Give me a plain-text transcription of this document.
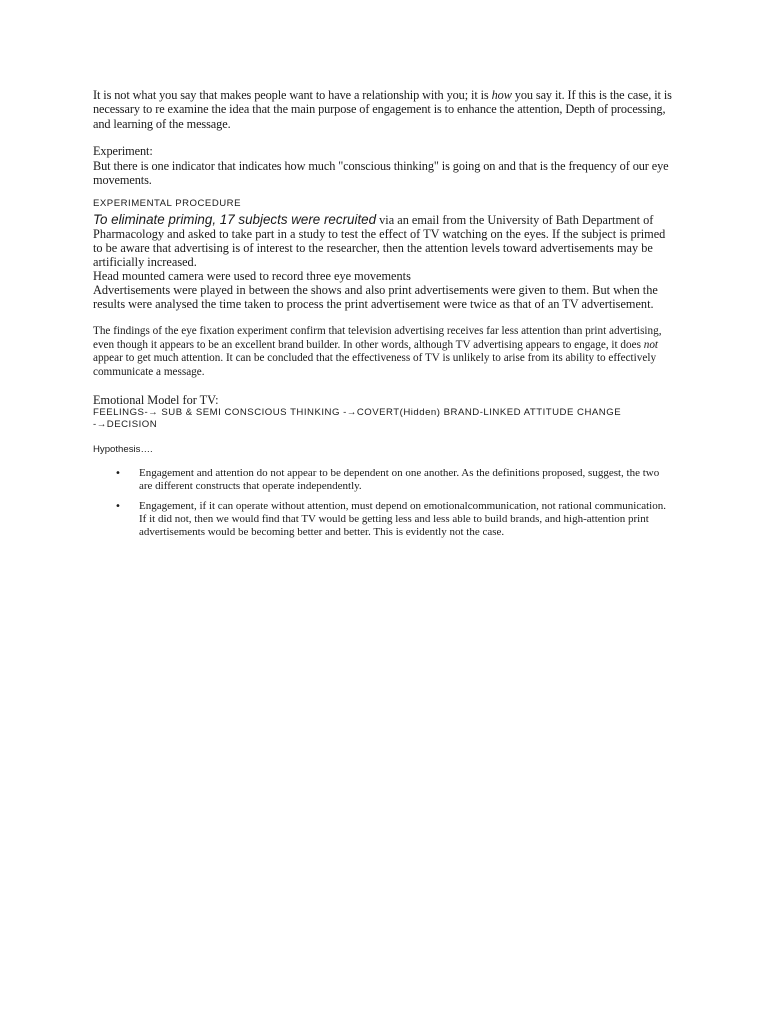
It is not what you say that makes people want to have a relationship with you; it is how you say it. If this is the case, it is necessary to re examine the idea that the main purpose of engagement is to enhance the attention, Depth of processing, and learning of the message.

Experiment:

But there is one indicator that indicates how much "conscious thinking" is going on and that is the frequency of our eye movements.

EXPERIMENTAL PROCEDURE

To eliminate priming, 17 subjects were recruited via an email from the University of Bath Department of Pharmacology and asked to take part in a study to test the effect of TV watching on the eyes. If the subject is primed to be aware that advertising is of interest to the researcher, then the attention levels toward advertisements may be artificially increased.

Head mounted camera were used to record three eye movements

Advertisements were played in between the shows and also print advertisements were given to them. But when the results were analysed the time taken to process the print advertisement were twice as that of an TV advertisement.

The findings of the eye fixation experiment confirm that television advertising receives far less attention than print advertising, even though it appears to be an excellent brand builder. In other words, although TV advertising appears to engage, it does not appear to get much attention. It can be concluded that the effectiveness of TV is unlikely to arise from its ability to effectively communicate a message.

Emotional Model for TV:

FEELINGS-→ SUB & SEMI CONSCIOUS THINKING -→COVERT(Hidden) BRAND-LINKED ATTITUDE CHANGE -→DECISION

Hypothesis….

• Engagement and attention do not appear to be dependent on one another. As the definitions proposed, suggest, the two are different constructs that operate independently.
• Engagement, if it can operate without attention, must depend on emotionalcommunication, not rational communication. If it did not, then we would find that TV would be getting less and less able to build brands, and high-attention print advertisements would be becoming better and better. This is evidently not the case.
